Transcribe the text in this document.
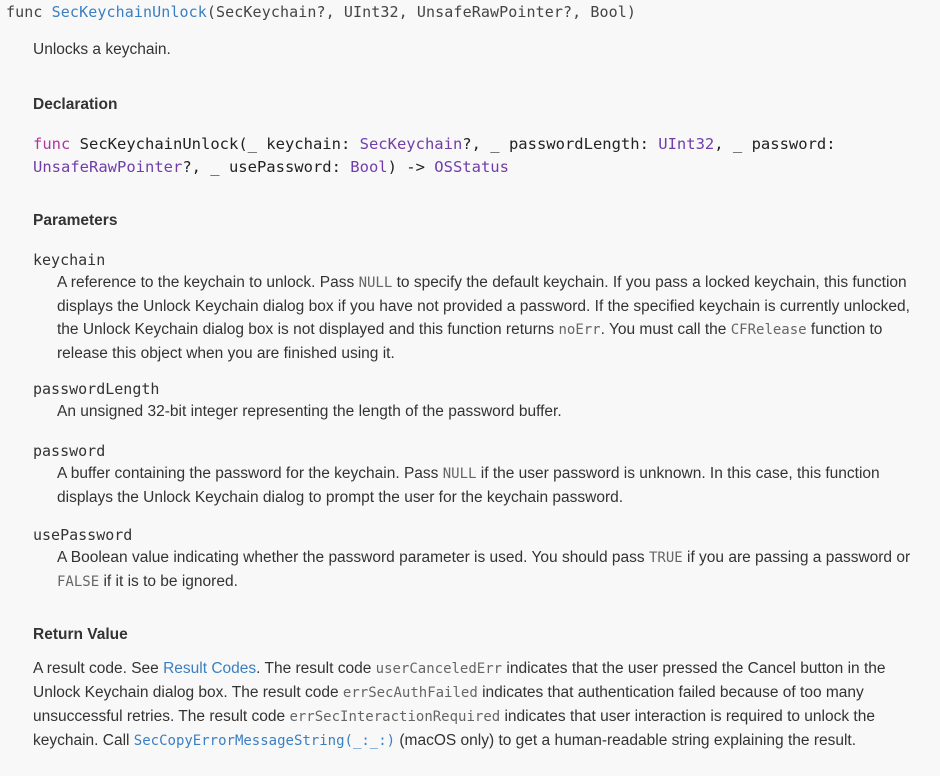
func SecKeychainUnlock(SecKeychain?, UInt32, UnsafeRawPointer?, Bool)
Unlocks a keychain.
Declaration
func SecKeychainUnlock(_ keychain: SecKeychain?, _ passwordLength: UInt32, _ password:
UnsafeRawPointer?, _ usePassword: Bool) -> OSStatus
Parameters
keychain
A reference to the keychain to unlock. Pass NULL to specify the default keychain. If you pass a locked keychain, this function displays the Unlock Keychain dialog box if you have not provided a password. If the specified keychain is currently unlocked, the Unlock Keychain dialog box is not displayed and this function returns noErr. You must call the CFRelease function to release this object when you are finished using it.
passwordLength
An unsigned 32-bit integer representing the length of the password buffer.
password
A buffer containing the password for the keychain. Pass NULL if the user password is unknown. In this case, this function displays the Unlock Keychain dialog to prompt the user for the keychain password.
usePassword
A Boolean value indicating whether the password parameter is used. You should pass TRUE if you are passing a password or FALSE if it is to be ignored.
Return Value
A result code. See Result Codes. The result code userCanceledErr indicates that the user pressed the Cancel button in the Unlock Keychain dialog box. The result code errSecAuthFailed indicates that authentication failed because of too many unsuccessful retries. The result code errSecInteractionRequired indicates that user interaction is required to unlock the keychain. Call SecCopyErrorMessageString(_:_:) (macOS only) to get a human-readable string explaining the result.
